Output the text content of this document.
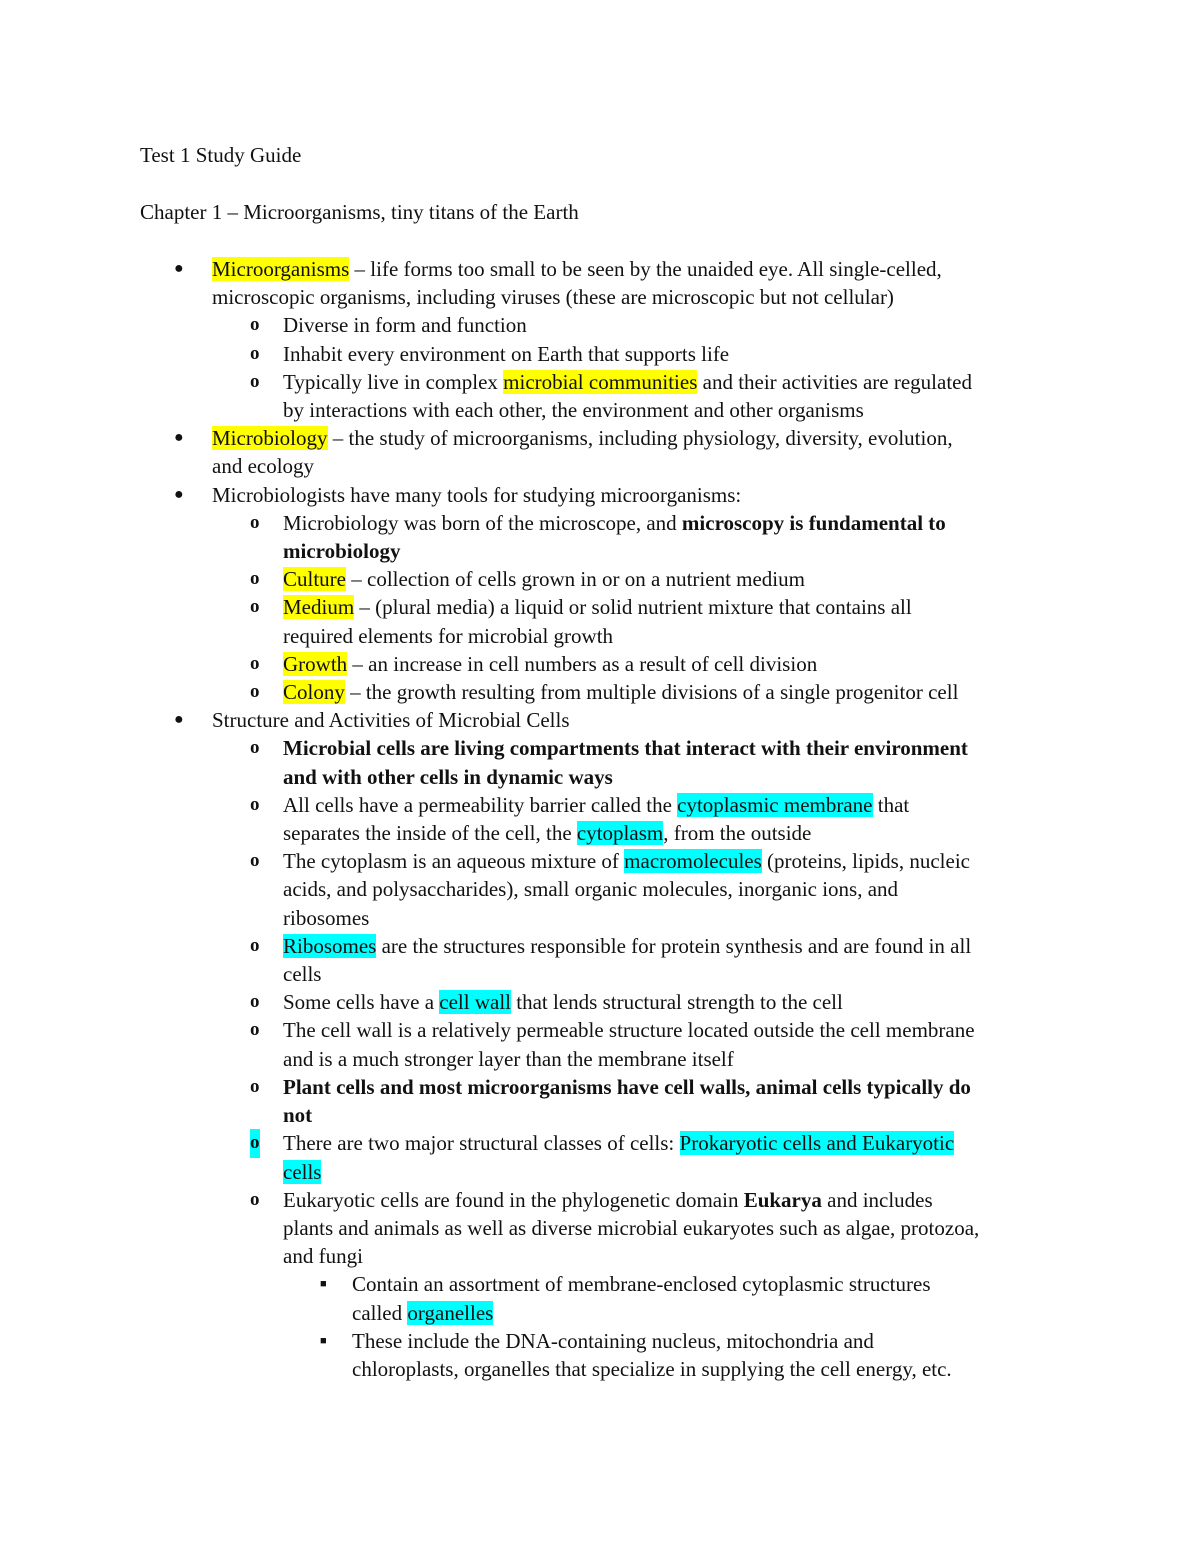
Test 1 Study Guide
Chapter 1 – Microorganisms, tiny titans of the Earth
● Microorganisms – life forms too small to be seen by the unaided eye. All single-celled,
microscopic organisms, including viruses (these are microscopic but not cellular)
o Diverse in form and function
o Inhabit every environment on Earth that supports life
o Typically live in complex microbial communities and their activities are regulated
by interactions with each other, the environment and other organisms
● Microbiology – the study of microorganisms, including physiology, diversity, evolution,
and ecology
● Microbiologists have many tools for studying microorganisms:
o Microbiology was born of the microscope, and microscopy is fundamental to
microbiology
o Culture – collection of cells grown in or on a nutrient medium
o Medium – (plural media) a liquid or solid nutrient mixture that contains all
required elements for microbial growth
o Growth – an increase in cell numbers as a result of cell division
o Colony – the growth resulting from multiple divisions of a single progenitor cell
● Structure and Activities of Microbial Cells
o Microbial cells are living compartments that interact with their environment
and with other cells in dynamic ways
o All cells have a permeability barrier called the cytoplasmic membrane that
separates the inside of the cell, the cytoplasm, from the outside
o The cytoplasm is an aqueous mixture of macromolecules (proteins, lipids, nucleic
acids, and polysaccharides), small organic molecules, inorganic ions, and
ribosomes
o Ribosomes are the structures responsible for protein synthesis and are found in all
cells
o Some cells have a cell wall that lends structural strength to the cell
o The cell wall is a relatively permeable structure located outside the cell membrane
and is a much stronger layer than the membrane itself
o Plant cells and most microorganisms have cell walls, animal cells typically do
not
o There are two major structural classes of cells: Prokaryotic cells and Eukaryotic
cells
o Eukaryotic cells are found in the phylogenetic domain Eukarya and includes
plants and animals as well as diverse microbial eukaryotes such as algae, protozoa,
and fungi
■ Contain an assortment of membrane-enclosed cytoplasmic structures
called organelles
■ These include the DNA-containing nucleus, mitochondria and
chloroplasts, organelles that specialize in supplying the cell energy, etc.
